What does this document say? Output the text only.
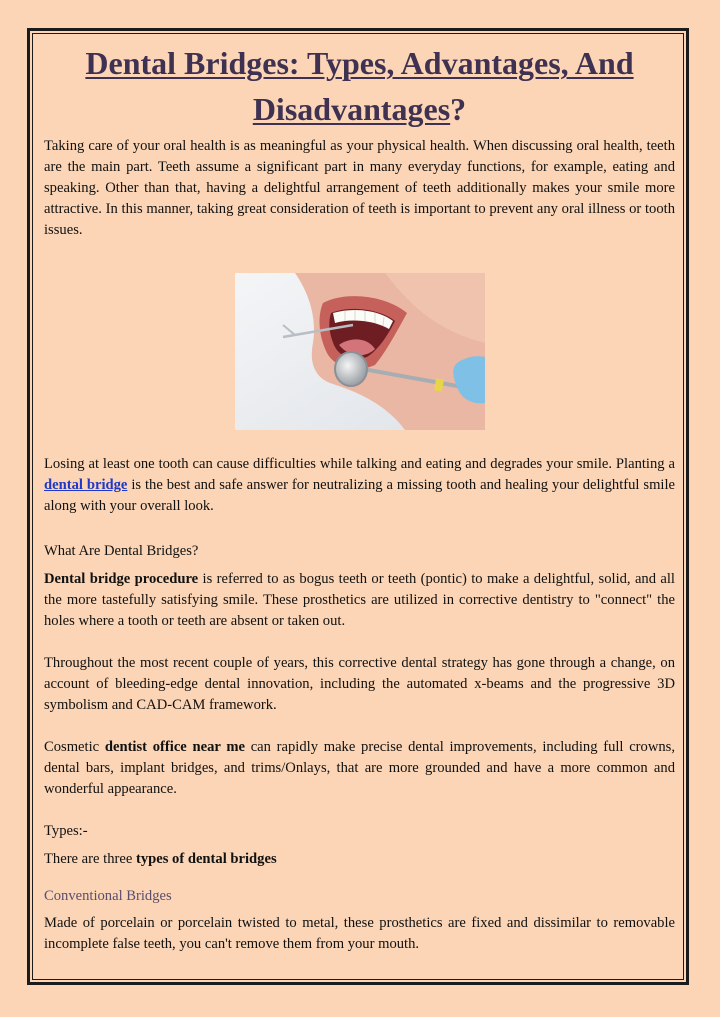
Dental Bridges: Types, Advantages, And
Disadvantages?

Taking care of your oral health is as meaningful as your physical health. When discussing oral health, teeth are the main part. Teeth assume a significant part in many everyday functions, for example, eating and speaking. Other than that, having a delightful arrangement of teeth additionally makes your smile more attractive. In this manner, taking great consideration of teeth is important to prevent any oral illness or tooth issues.

Losing at least one tooth can cause difficulties while talking and eating and degrades your smile. Planting a dental bridge is the best and safe answer for neutralizing a missing tooth and healing your delightful smile along with your overall look.

What Are Dental Bridges?

Dental bridge procedure is referred to as bogus teeth or teeth (pontic) to make a delightful, solid, and all the more tastefully satisfying smile. These prosthetics are utilized in corrective dentistry to "connect" the holes where a tooth or teeth are absent or taken out.

Throughout the most recent couple of years, this corrective dental strategy has gone through a change, on account of bleeding-edge dental innovation, including the automated x-beams and the progressive 3D symbolism and CAD-CAM framework.

Cosmetic dentist office near me can rapidly make precise dental improvements, including full crowns, dental bars, implant bridges, and trims/Onlays, that are more grounded and have a more common and wonderful appearance.

Types:-

There are three types of dental bridges

Conventional Bridges

Made of porcelain or porcelain twisted to metal, these prosthetics are fixed and dissimilar to removable incomplete false teeth, you can't remove them from your mouth.
